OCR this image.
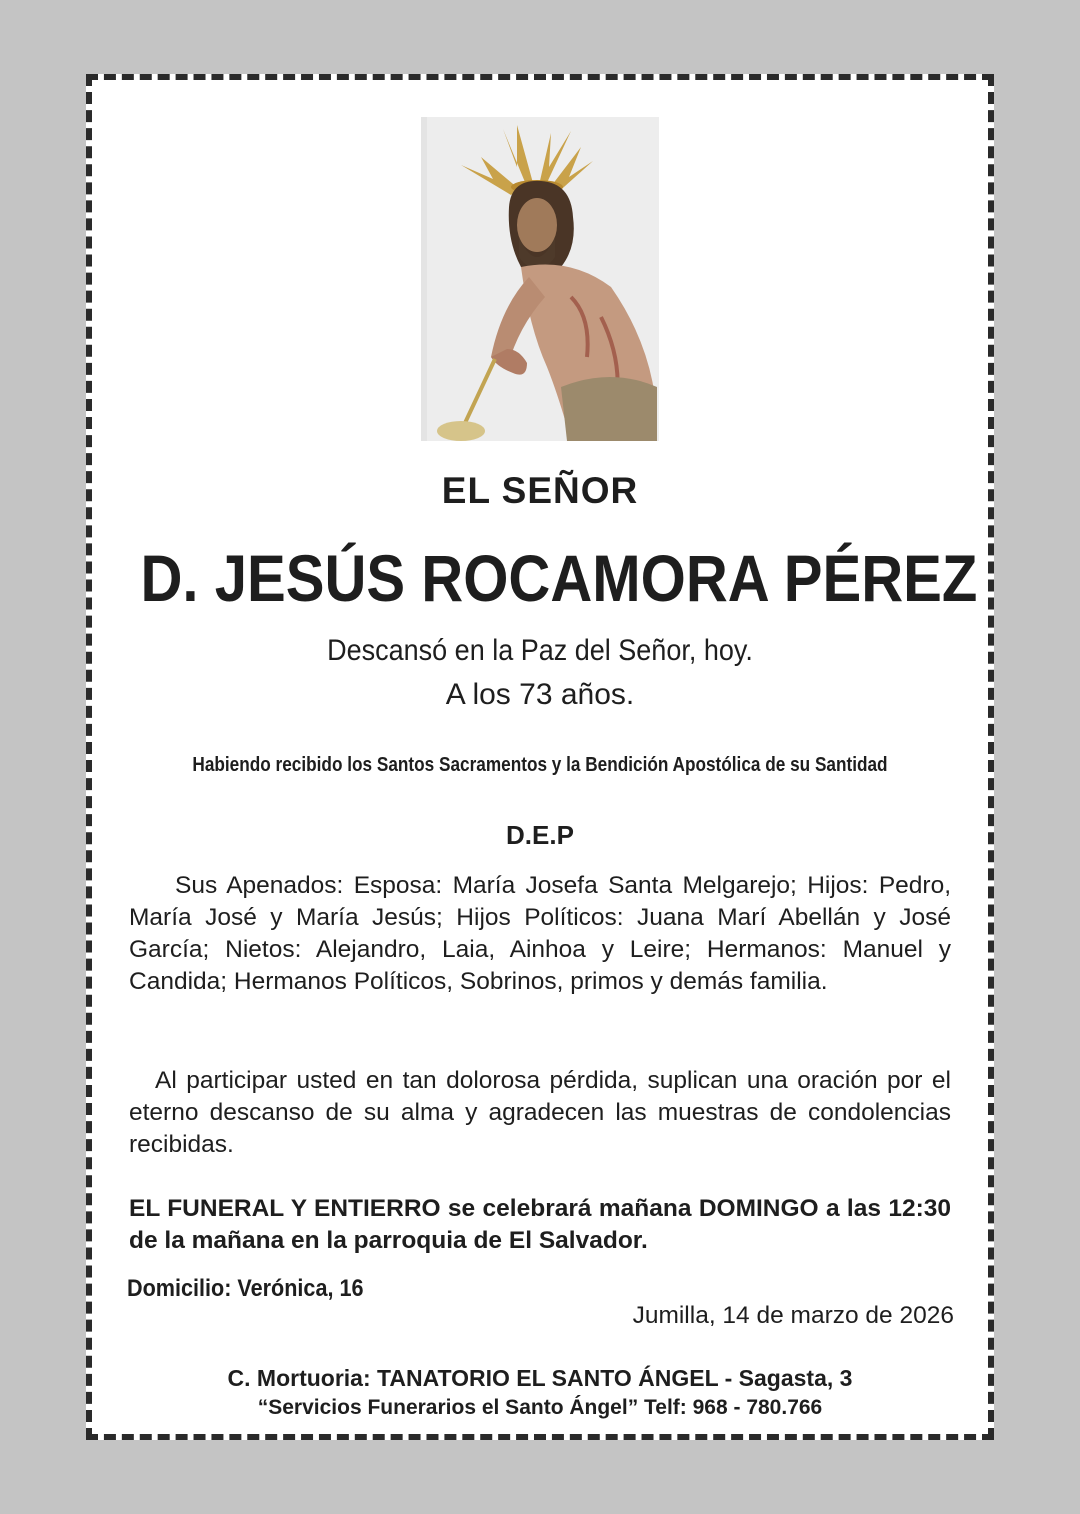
EL SEÑOR
D. JESÚS ROCAMORA PÉREZ
Descansó en la Paz del Señor, hoy.
A los 73 años.
Habiendo recibido los Santos Sacramentos y la Bendición Apostólica de su Santidad
D.E.P
Sus Apenados: Esposa: María Josefa Santa Melgarejo; Hijos: Pedro, María José y María Jesús; Hijos Políticos: Juana Marí Abellán y José García; Nietos: Alejandro, Laia, Ainhoa y Leire; Hermanos: Manuel y Candida; Hermanos Políticos, Sobrinos, primos y demás familia.
Al participar usted en tan dolorosa pérdida, suplican una oración por el eterno descanso de su alma y agradecen las muestras de condolencias recibidas.
EL FUNERAL Y ENTIERRO se celebrará mañana DOMINGO a las 12:30 de la mañana en la parroquia de El Salvador.
Domicilio: Verónica, 16
Jumilla, 14 de marzo de 2026
C. Mortuoria: TANATORIO EL SANTO ÁNGEL - Sagasta, 3
“Servicios Funerarios el Santo Ángel” Telf: 968 - 780.766
